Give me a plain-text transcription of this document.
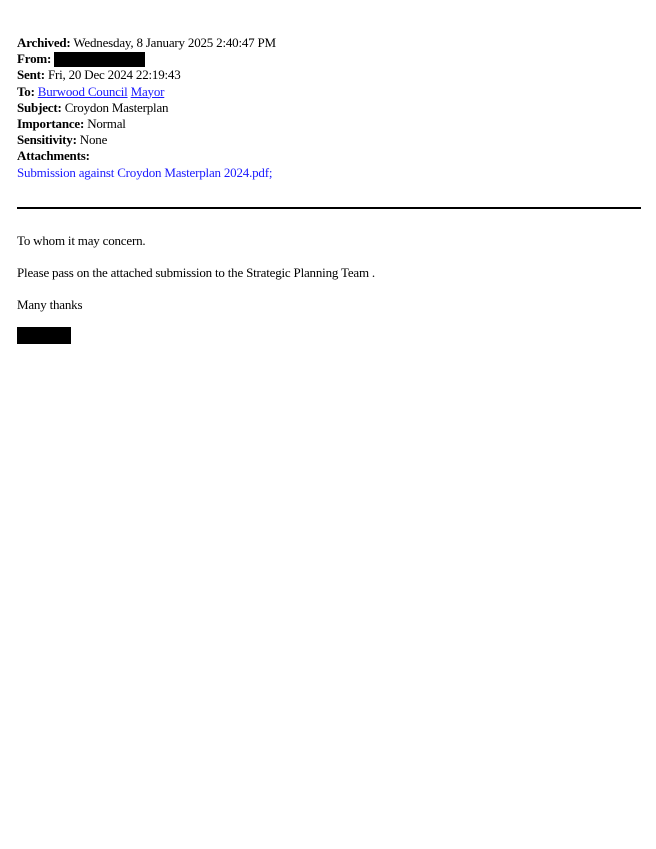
Archived: Wednesday, 8 January 2025 2:40:47 PM
From:
Sent: Fri, 20 Dec 2024 22:19:43
To: Burwood Council Mayor
Subject: Croydon Masterplan
Importance: Normal
Sensitivity: None
Attachments:
Submission against Croydon Masterplan 2024.pdf;
To whom it may concern.
Please pass on the attached submission to the Strategic Planning Team .
Many thanks
